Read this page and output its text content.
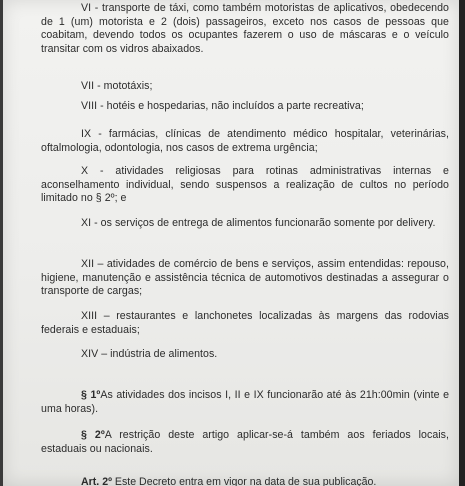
VI - transporte de táxi, como também motoristas de aplicativos, obedecendo de 1 (um) motorista e 2 (dois) passageiros, exceto nos casos de pessoas que coabitam, devendo todos os ocupantes fazerem o uso de máscaras e o veículo transitar com os vidros abaixados.
VII - mototáxis;
VIII - hotéis e hospedarias, não incluídos a parte recreativa;
IX - farmácias, clínicas de atendimento médico hospitalar, veterinárias, oftalmologia, odontologia, nos casos de extrema urgência;
X - atividades religiosas para rotinas administrativas internas e aconselhamento individual, sendo suspensos a realização de cultos no período limitado no § 2º; e
XI - os serviços de entrega de alimentos funcionarão somente por delivery.
XII – atividades de comércio de bens e serviços, assim entendidas: repouso, higiene, manutenção e assistência técnica de automotivos destinadas a assegurar o transporte de cargas;
XIII – restaurantes e lanchonetes localizadas às margens das rodovias federais e estaduais;
XIV – indústria de alimentos.
§ 1ºAs atividades dos incisos I, II e IX funcionarão até às 21h:00min (vinte e uma horas).
§ 2ºA restrição deste artigo aplicar-se-á também aos feriados locais, estaduais ou nacionais.
Art. 2º Este Decreto entra em vigor na data de sua publicação.
